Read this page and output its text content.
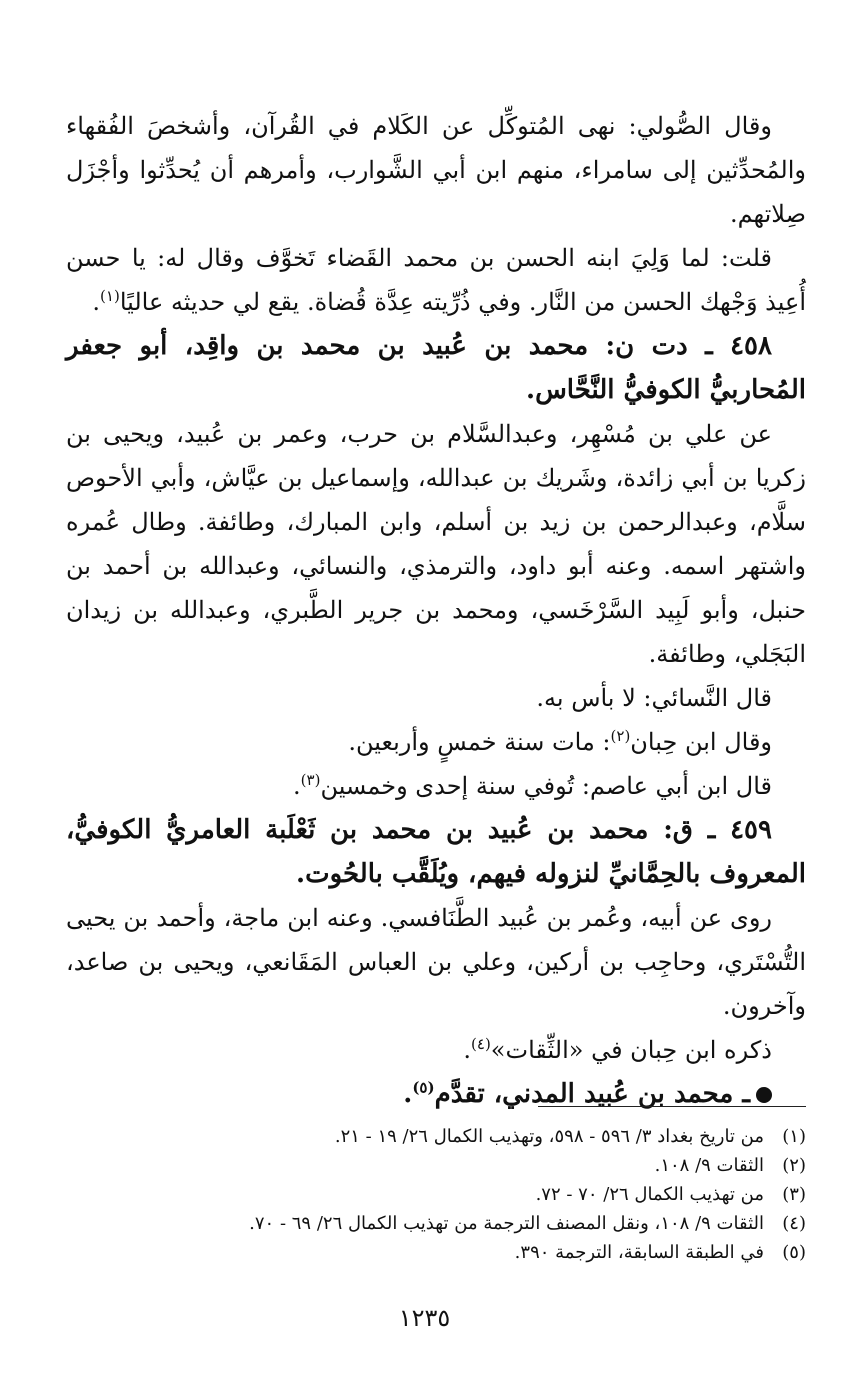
وقال الصُّولي: نهى المُتوكِّل عن الكَلام في القُرآن، وأشخصَ الفُقهاء والمُحدِّثين إلى سامراء، منهم ابن أبي الشَّوارب، وأمرهم أن يُحدِّثوا وأجْزَل صِلاتهم.

قلت: لما وَلِيَ ابنه الحسن بن محمد القَضاء تَخوَّف وقال له: يا حسن أُعِيذ وَجْهك الحسن من النَّار. وفي ذُرِّيته عِدَّة قُضاة. يقع لي حديثه عاليًا$^{(١)}$.

٤٥٨ ـ دت ن: محمد بن عُبيد بن محمد بن واقِد، أبو جعفر المُحاربيُّ الكوفيُّ النَّحَّاس.

عن علي بن مُسْهِر، وعبدالسَّلام بن حرب، وعمر بن عُبيد، ويحيى بن زكريا بن أبي زائدة، وشَريك بن عبدالله، وإسماعيل بن عيَّاش، وأبي الأحوص سلَّام، وعبدالرحمن بن زيد بن أسلم، وابن المبارك، وطائفة. وطال عُمره واشتهر اسمه. وعنه أبو داود، والترمذي، والنسائي، وعبدالله بن أحمد بن حنبل، وأبو لَبِيد السَّرْخَسي، ومحمد بن جرير الطَّبري، وعبدالله بن زيدان البَجَلي، وطائفة.

قال النَّسائي: لا بأس به.

وقال ابن حِبان$^{(٢)}$: مات سنة خمسٍ وأربعين.

قال ابن أبي عاصم: تُوفي سنة إحدى وخمسين$^{(٣)}$.

٤٥٩ ـ ق: محمد بن عُبيد بن محمد بن ثَعْلَبة العامريُّ الكوفيُّ، المعروف بالحِمَّانيِّ لنزوله فيهم، ويُلَقَّب بالحُوت.

روى عن أبيه، وعُمر بن عُبيد الطَّنَافسي. وعنه ابن ماجة، وأحمد بن يحيى التُّسْتَري، وحاجِب بن أركين، وعلي بن العباس المَقَانعي، ويحيى بن صاعد، وآخرون.

ذكره ابن حِبان في «الثِّقات»$^{(٤)}$.

ـ محمد بن عُبيد المدني، تقدَّم$^{(٥)}$.

(١)
من تاريخ بغداد ٣/ ٥٩٦ - ٥٩٨، وتهذيب الكمال ٢٦/ ١٩ - ٢١.
(٢)
الثقات ٩/ ١٠٨.
(٣)
من تهذيب الكمال ٢٦/ ٧٠ - ٧٢.
(٤)
الثقات ٩/ ١٠٨، ونقل المصنف الترجمة من تهذيب الكمال ٢٦/ ٦٩ - ٧٠.
(٥)
في الطبقة السابقة، الترجمة ٣٩٠.
١٢٣٥
